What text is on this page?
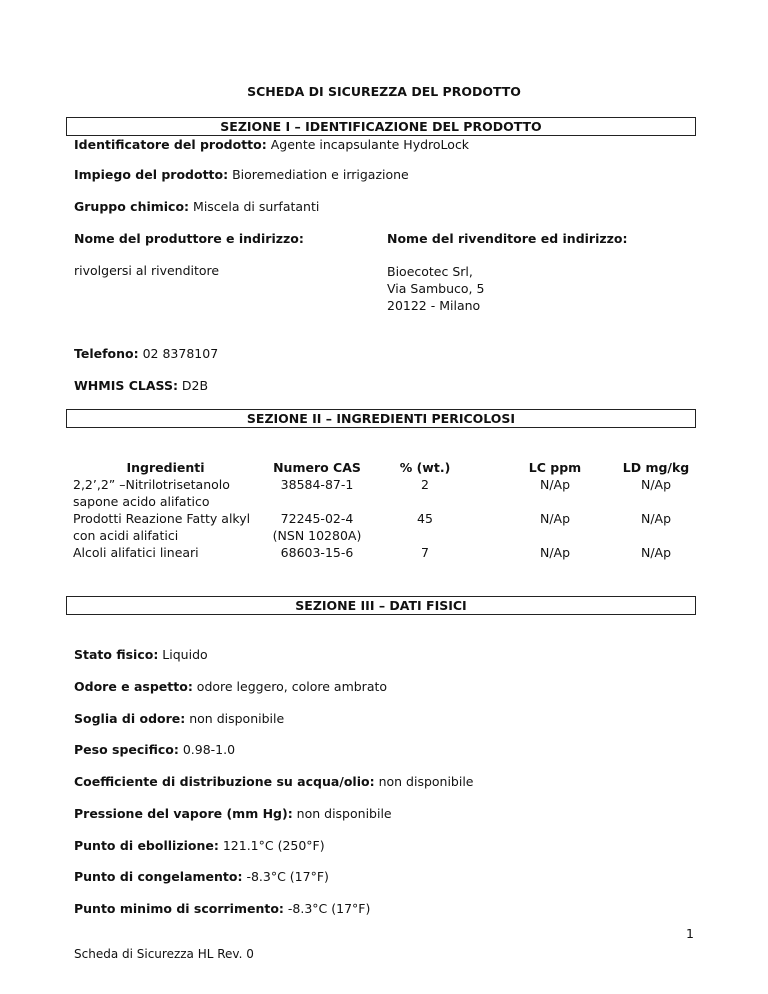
SCHEDA DI SICUREZZA DEL PRODOTTO
SEZIONE I – IDENTIFICAZIONE DEL PRODOTTO
Identificatore del prodotto: Agente incapsulante HydroLock
Impiego del prodotto: Bioremediation e irrigazione
Gruppo chimico: Miscela di surfatanti
Nome del produttore e indirizzo:	Nome del rivenditore ed indirizzo:
rivolgersi al rivenditore	Bioecotec Srl,
Via Sambuco, 5
20122 - Milano
Telefono: 02 8378107
WHMIS CLASS: D2B
SEZIONE II – INGREDIENTI PERICOLOSI
Ingredienti
2,2’,2” –Nitrilotrisetanolo
sapone acido alifatico
Prodotti Reazione Fatty alkyl
con acidi alifatici
Alcoli alifatici lineari
Numero CAS
38584-87-1

72245-02-4
(NSN 10280A)
68603-15-6
% (wt.)
2

45

7
LC ppm
N/Ap

N/Ap

N/Ap
LD mg/kg
N/Ap

N/Ap

N/Ap
SEZIONE III – DATI FISICI
Stato fisico: Liquido
Odore e aspetto: odore leggero, colore ambrato
Soglia di odore: non disponibile
Peso specifico: 0.98-1.0
Coefficiente di distribuzione su acqua/olio: non disponibile
Pressione del vapore (mm Hg): non disponibile
Punto di ebollizione: 121.1°C (250°F)
Punto di congelamento: -8.3°C (17°F)
Punto minimo di scorrimento: -8.3°C (17°F)
1
Scheda di Sicurezza HL Rev. 0
